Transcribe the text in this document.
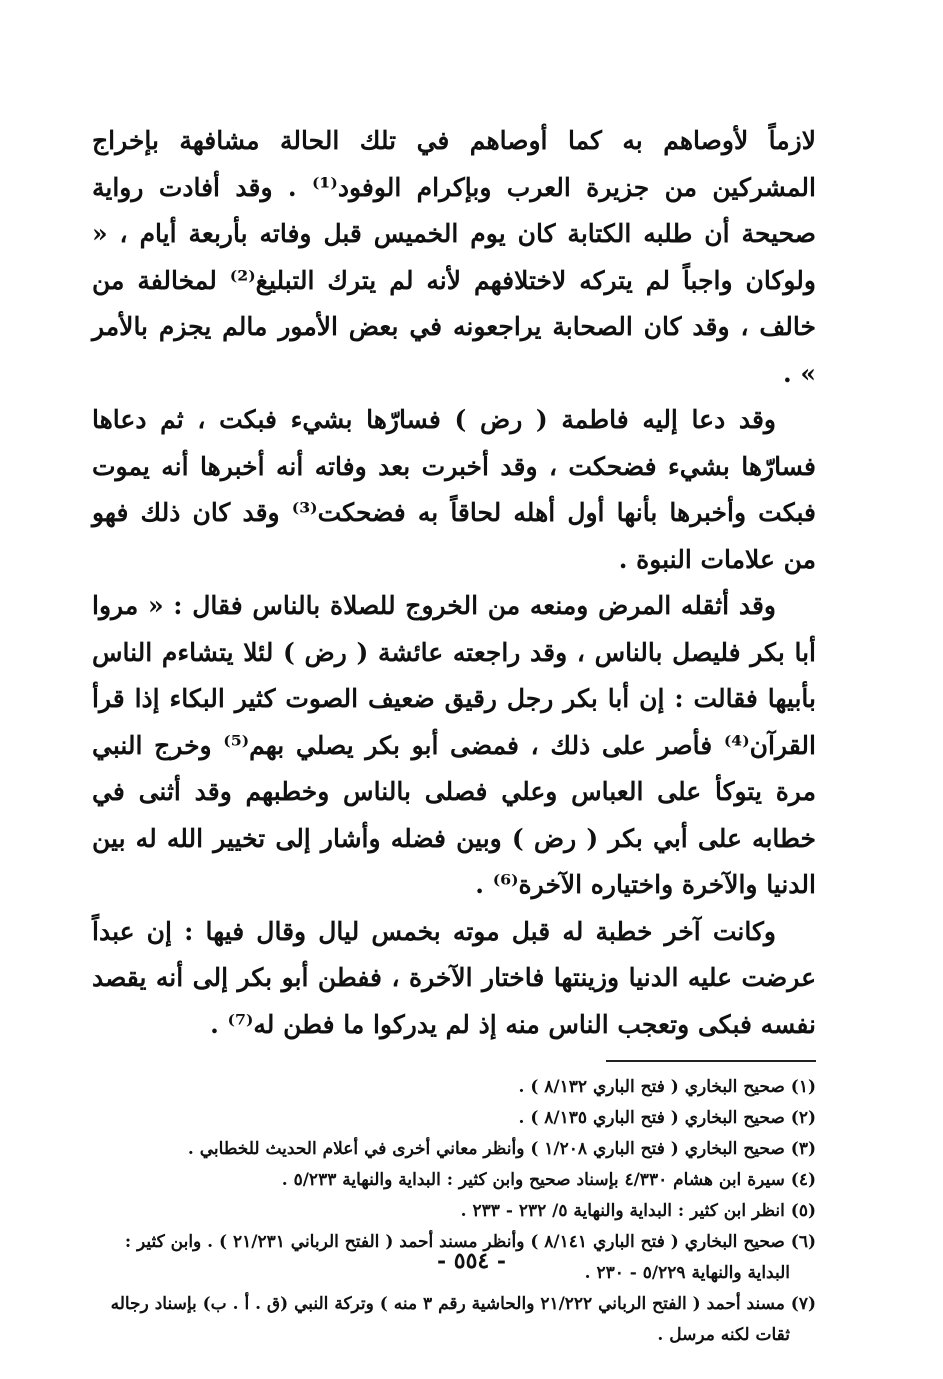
لازماً لأوصاهم به كما أوصاهم في تلك الحالة مشافهة بإخراج المشركين من جزيرة العرب وبإكرام الوفود⁽¹⁾ . وقد أفادت رواية صحيحة أن طلبه الكتابة كان يوم الخميس قبل وفاته بأربعة أيام ، « ولوكان واجباً لم يتركه لاختلافهم لأنه لم يترك التبليغ⁽²⁾ لمخالفة من خالف ، وقد كان الصحابة يراجعونه في بعض الأمور مالم يجزم بالأمر » .

وقد دعا إليه فاطمة ( رض ) فسارّها بشيء فبكت ، ثم دعاها فسارّها بشيء فضحكت ، وقد أخبرت بعد وفاته أنه أخبرها أنه يموت فبكت وأخبرها بأنها أول أهله لحاقاً به فضحكت⁽³⁾ وقد كان ذلك فهو من علامات النبوة .

وقد أثقله المرض ومنعه من الخروج للصلاة بالناس فقال : « مروا أبا بكر فليصل بالناس ، وقد راجعته عائشة ( رض ) لئلا يتشاءم الناس بأبيها فقالت : إن أبا بكر رجل رقيق ضعيف الصوت كثير البكاء إذا قرأ القرآن⁽⁴⁾ فأصر على ذلك ، فمضى أبو بكر يصلي بهم⁽⁵⁾ وخرج النبي مرة يتوكأ على العباس وعلي فصلى بالناس وخطبهم وقد أثنى في خطابه على أبي بكر ( رض ) وبين فضله وأشار إلى تخيير الله له بين الدنيا والآخرة واختياره الآخرة⁽⁶⁾ .

وكانت آخر خطبة له قبل موته بخمس ليال وقال فيها : إن عبداً عرضت عليه الدنيا وزينتها فاختار الآخرة ، ففطن أبو بكر إلى أنه يقصد نفسه فبكى وتعجب الناس منه إذ لم يدركوا ما فطن له⁽⁷⁾ .

(١) صحيح البخاري ( فتح الباري ٨/١٣٢ ) .

(٢) صحيح البخاري ( فتح الباري ٨/١٣٥ ) .

(٣) صحيح البخاري ( فتح الباري ١/٢٠٨ ) وأنظر معاني أخرى في أعلام الحديث للخطابي .

(٤) سيرة ابن هشام ٤/٣٣٠ بإسناد صحيح وابن كثير : البداية والنهاية ٥/٢٣٣ .

(٥) انظر ابن كثير : البداية والنهاية ٥/ ٢٣٢ - ٢٣٣ .

(٦) صحيح البخاري ( فتح الباري ٨/١٤١ ) وأنظر مسند أحمد ( الفتح الرباني ٢١/٢٣١ ) . وابن كثير : البداية والنهاية ٥/٢٢٩ - ٢٣٠ .

(٧) مسند أحمد ( الفتح الرباني ٢١/٢٢٢ والحاشية رقم ٣ منه ) وتركة النبي (ق . أ . ب) بإسناد رجاله ثقات لكنه مرسل .

- ٥٥٤ -
